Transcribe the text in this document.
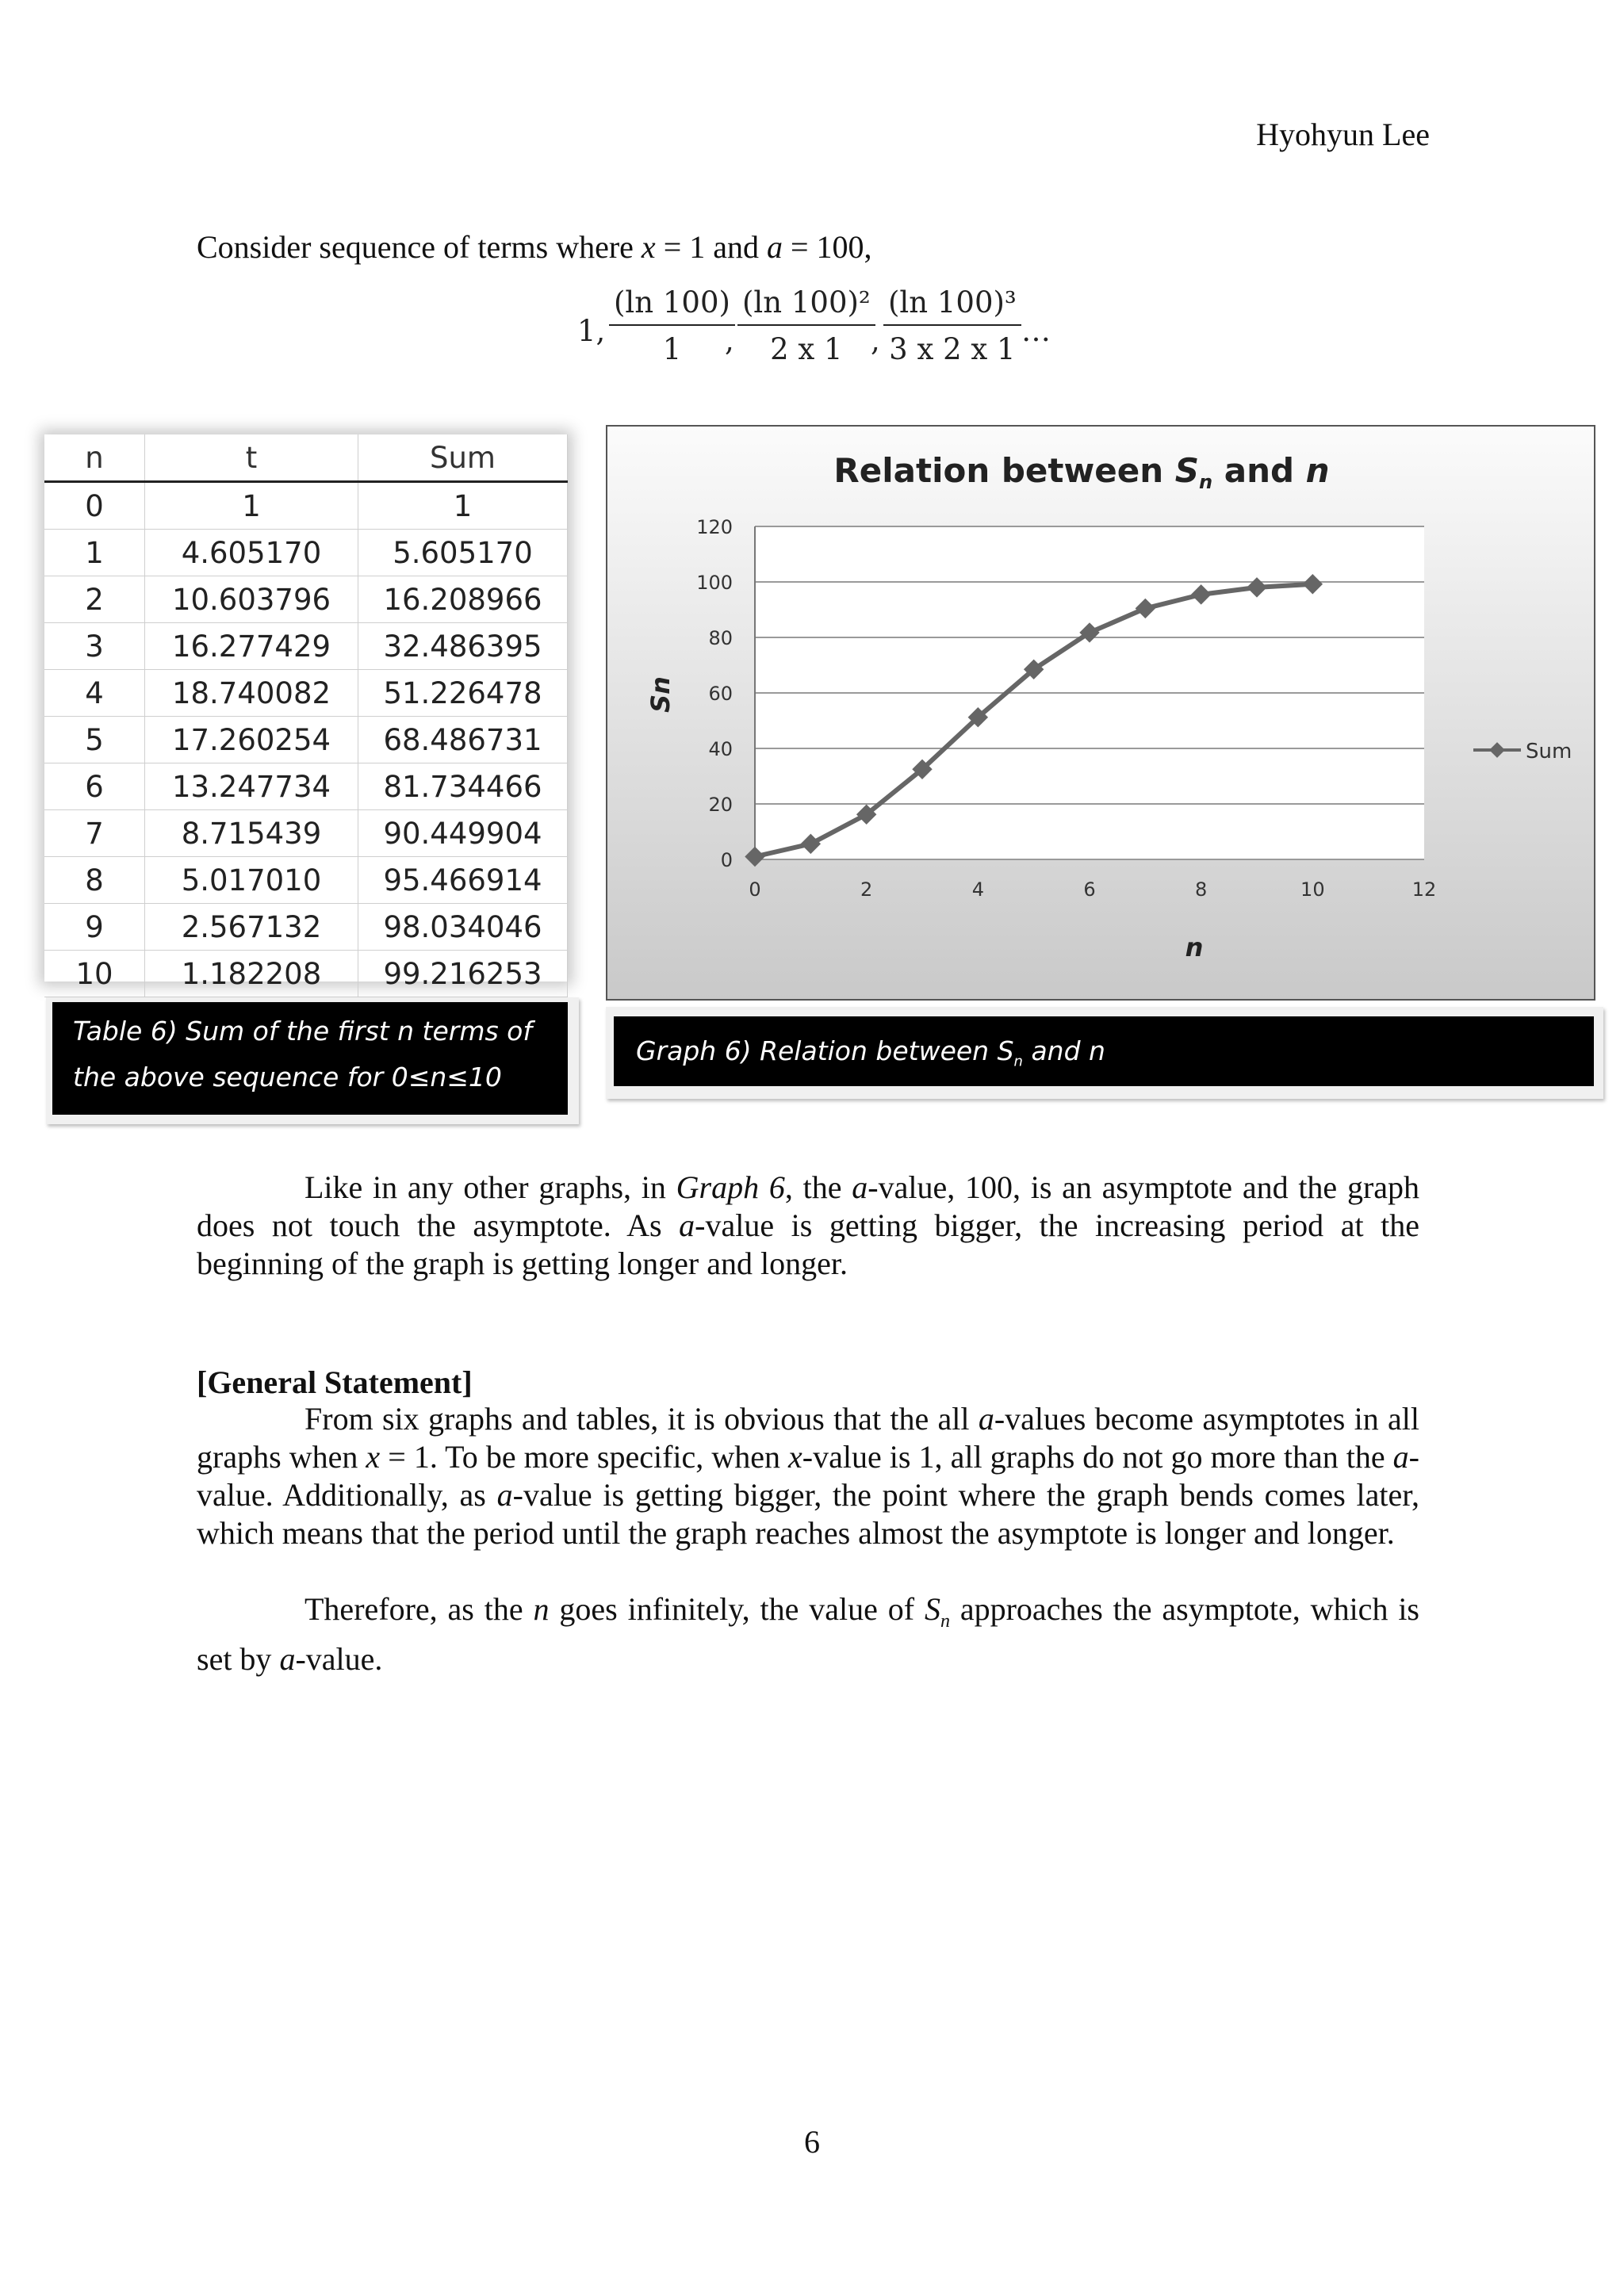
Hyohyun Lee
Consider sequence of terms where x = 1 and a = 100,
1, $\frac{(\ln 100)}{1}$
, $\frac{\text{(ln 100)²}}{2 x 1}$
, $\frac{\text{(ln 100)³}}{3 x 2 x 1}$ …
n	t	Sum
0	1	1
1	4.605170	5.605170
2	10.603796	16.208966
3	16.277429	32.486395
4	18.740082	51.226478
5	17.260254	68.486731
6	13.247734	81.734466
7	8.715439	90.449904
8	5.017010	95.466914
9	2.567132	98.034046
10	1.182208	99.216253
Table 6) Sum of the first n terms of
the above sequence for 0≤n≤10
Relation between Sn and n
0
20
40
60
80
100
120
0	2	4	6	8	10	12
n
Sn
Sum
Graph 6) Relation between $S_n$ and n
Like in any other graphs, in Graph 6, the a-value, 100, is an asymptote and the graph does not touch the asymptote. As a-value is getting bigger, the increasing period at the beginning of the graph is getting longer and longer.
[General Statement]
From six graphs and tables, it is obvious that the all a-values become asymptotes in all graphs when x = 1. To be more specific, when x-value is 1, all graphs do not go more than the a-value. Additionally, as a-value is getting bigger, the point where the graph bends comes later, which means that the period until the graph reaches almost the asymptote is longer and longer.
Therefore, as the n goes infinitely, the value of $S_n$ approaches the asymptote, which is set by a-value.
6
